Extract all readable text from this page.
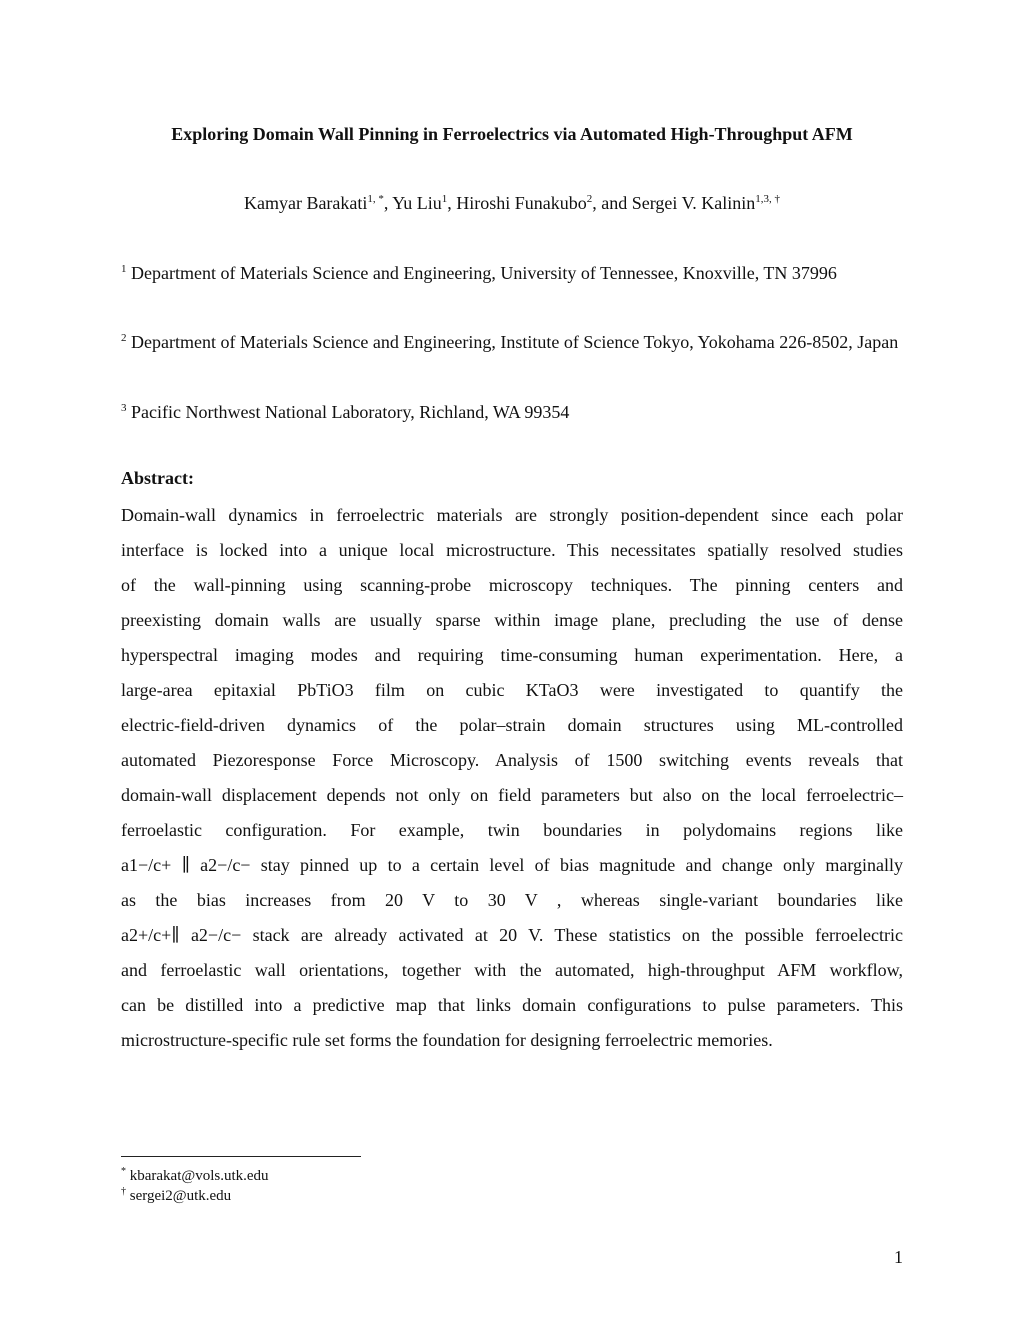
Exploring Domain Wall Pinning in Ferroelectrics via Automated High-Throughput AFM
Kamyar Barakati$^{1, *}$, Yu Liu$^1$, Hiroshi Funakubo$^2$, and Sergei V. Kalinin$^{1,3, \dagger}$
$^1$ Department of Materials Science and Engineering, University of Tennessee, Knoxville, TN 37996
$^2$ Department of Materials Science and Engineering, Institute of Science Tokyo, Yokohama 226-8502, Japan
$^3$ Pacific Northwest National Laboratory, Richland, WA 99354
Abstract:
Domain-wall dynamics in ferroelectric materials are strongly position-dependent since each polar
interface is locked into a unique local microstructure. This necessitates spatially resolved studies
of the wall-pinning using scanning-probe microscopy techniques. The pinning centers and
preexisting domain walls are usually sparse within image plane, precluding the use of dense
hyperspectral imaging modes and requiring time-consuming human experimentation. Here, a
large-area epitaxial PbTiO3 film on cubic KTaO3 were investigated to quantify the
electric-field-driven dynamics of the polar–strain domain structures using ML-controlled
automated Piezoresponse Force Microscopy. Analysis of 1500 switching events reveals that
domain-wall displacement depends not only on field parameters but also on the local ferroelectric–
ferroelastic configuration. For example, twin boundaries in polydomains regions like
a1−/c+ ∥ a2−/c− stay pinned up to a certain level of bias magnitude and change only marginally
as the bias increases from 20 V to 30 V , whereas single-variant boundaries like
a2+/c+∥ a2−/c− stack are already activated at 20 V. These statistics on the possible ferroelectric
and ferroelastic wall orientations, together with the automated, high-throughput AFM workflow,
can be distilled into a predictive map that links domain configurations to pulse parameters. This
microstructure-specific rule set forms the foundation for designing ferroelectric memories.
* kbarakat@vols.utk.edu
† sergei2@utk.edu
1
